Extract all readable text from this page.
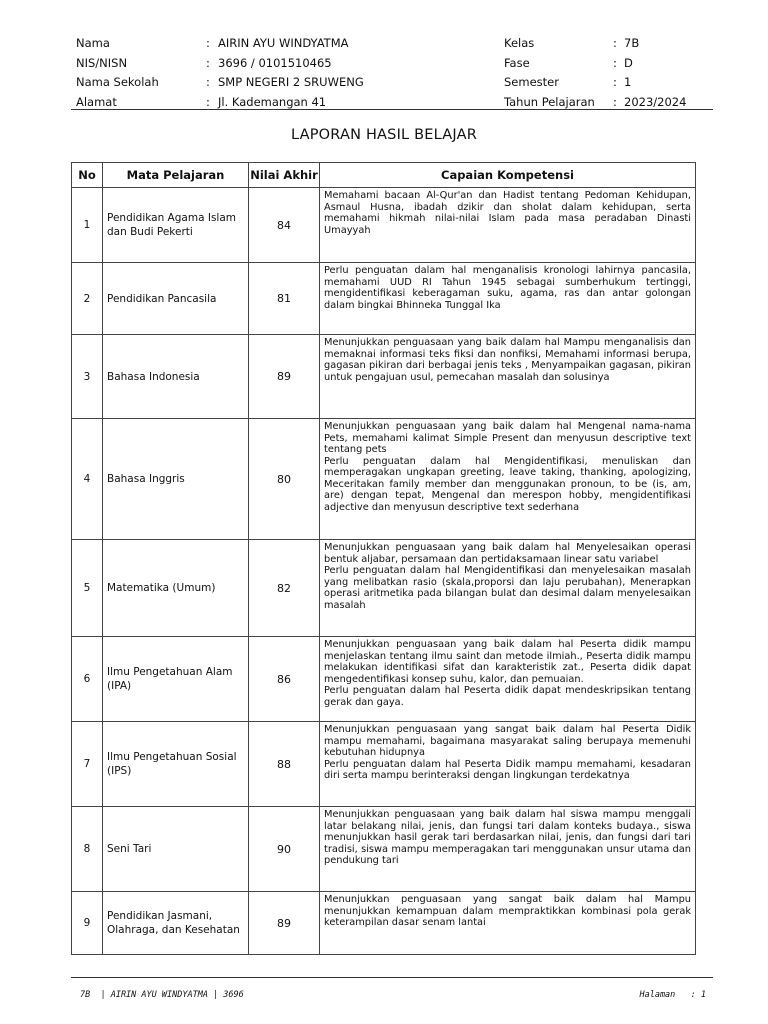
Nama	: AIRIN AYU WINDYATMA	Kelas	: 7B
NIS/NISN	: 3696 / 0101510465	Fase	: D
Nama Sekolah	: SMP NEGERI 2 SRUWENG	Semester	: 1
Alamat	: Jl. Kademangan 41	Tahun Pelajaran : 2023/2024
LAPORAN HASIL BELAJAR
No	Mata Pelajaran	Nilai Akhir	Capaian Kompetensi
1	Pendidikan Agama Islam dan Budi Pekerti	84	Memahami bacaan Al-Qur'an dan Hadist tentang Pedoman Kehidupan, Asmaul Husna, ibadah dzikir dan sholat dalam kehidupan, serta memahami hikmah nilai-nilai Islam pada masa peradaban Dinasti Umayyah

2	Pendidikan Pancasila	81	Perlu penguatan dalam hal menganalisis kronologi lahirnya pancasila, memahami UUD RI Tahun 1945 sebagai sumberhukum tertinggi, mengidentifikasi keberagaman suku, agama, ras dan antar golongan dalam bingkai Bhinneka Tunggal Ika

3	Bahasa Indonesia	89	Menunjukkan penguasaan yang baik dalam hal Mampu menganalisis dan memaknai informasi teks fiksi dan nonfiksi, Memahami informasi berupa, gagasan pikiran dari berbagai jenis teks , Menyampaikan gagasan, pikiran untuk pengajuan usul, pemecahan masalah dan solusinya

4	Bahasa Inggris	80	Menunjukkan penguasaan yang baik dalam hal Mengenal nama-nama Pets, memahami kalimat Simple Present dan menyusun descriptive text tentang pets
Perlu penguatan dalam hal Mengidentifikasi, menuliskan dan memperagakan ungkapan greeting, leave taking, thanking, apologizing, Meceritakan family member dan menggunakan pronoun, to be (is, am, are) dengan tepat, Mengenal dan merespon hobby, mengidentifikasi adjective dan menyusun descriptive text sederhana

5	Matematika (Umum)	82	Menunjukkan penguasaan yang baik dalam hal Menyelesaikan operasi bentuk aljabar, persamaan dan pertidaksamaan linear satu variabel
Perlu penguatan dalam hal Mengidentifikasi dan menyelesaikan masalah yang melibatkan rasio (skala,proporsi dan laju perubahan), Menerapkan operasi aritmetika pada bilangan bulat dan desimal dalam menyelesaikan masalah

6	Ilmu Pengetahuan Alam (IPA)	86	Menunjukkan penguasaan yang baik dalam hal Peserta didik mampu menjelaskan tentang ilmu saint dan metode ilmiah., Peserta didik mampu melakukan identifikasi sifat dan karakteristik zat., Peserta didik dapat mengedentifikasi konsep suhu, kalor, dan pemuaian.
Perlu penguatan dalam hal Peserta didik dapat mendeskripsikan tentang gerak dan gaya.

7	Ilmu Pengetahuan Sosial (IPS)	88	Menunjukkan penguasaan yang sangat baik dalam hal Peserta Didik mampu memahami, bagaimana masyarakat saling berupaya memenuhi kebutuhan hidupnya
Perlu penguatan dalam hal Peserta Didik mampu memahami, kesadaran diri serta mampu berinteraksi dengan lingkungan terdekatnya

8	Seni Tari	90	Menunjukkan penguasaan yang baik dalam hal siswa mampu menggali latar belakang nilai, jenis, dan fungsi tari dalam konteks budaya., siswa menunjukkan hasil gerak tari berdasarkan nilai, jenis, dan fungsi dari tari tradisi, siswa mampu memperagakan tari menggunakan unsur utama dan pendukung tari

9	Pendidikan Jasmani, Olahraga, dan Kesehatan	89	Menunjukkan penguasaan yang sangat baik dalam hal Mampu menunjukkan kemampuan dalam mempraktikkan kombinasi pola gerak keterampilan dasar senam lantai
7B  | AIRIN AYU WINDYATMA | 3696	Halaman   : 1
